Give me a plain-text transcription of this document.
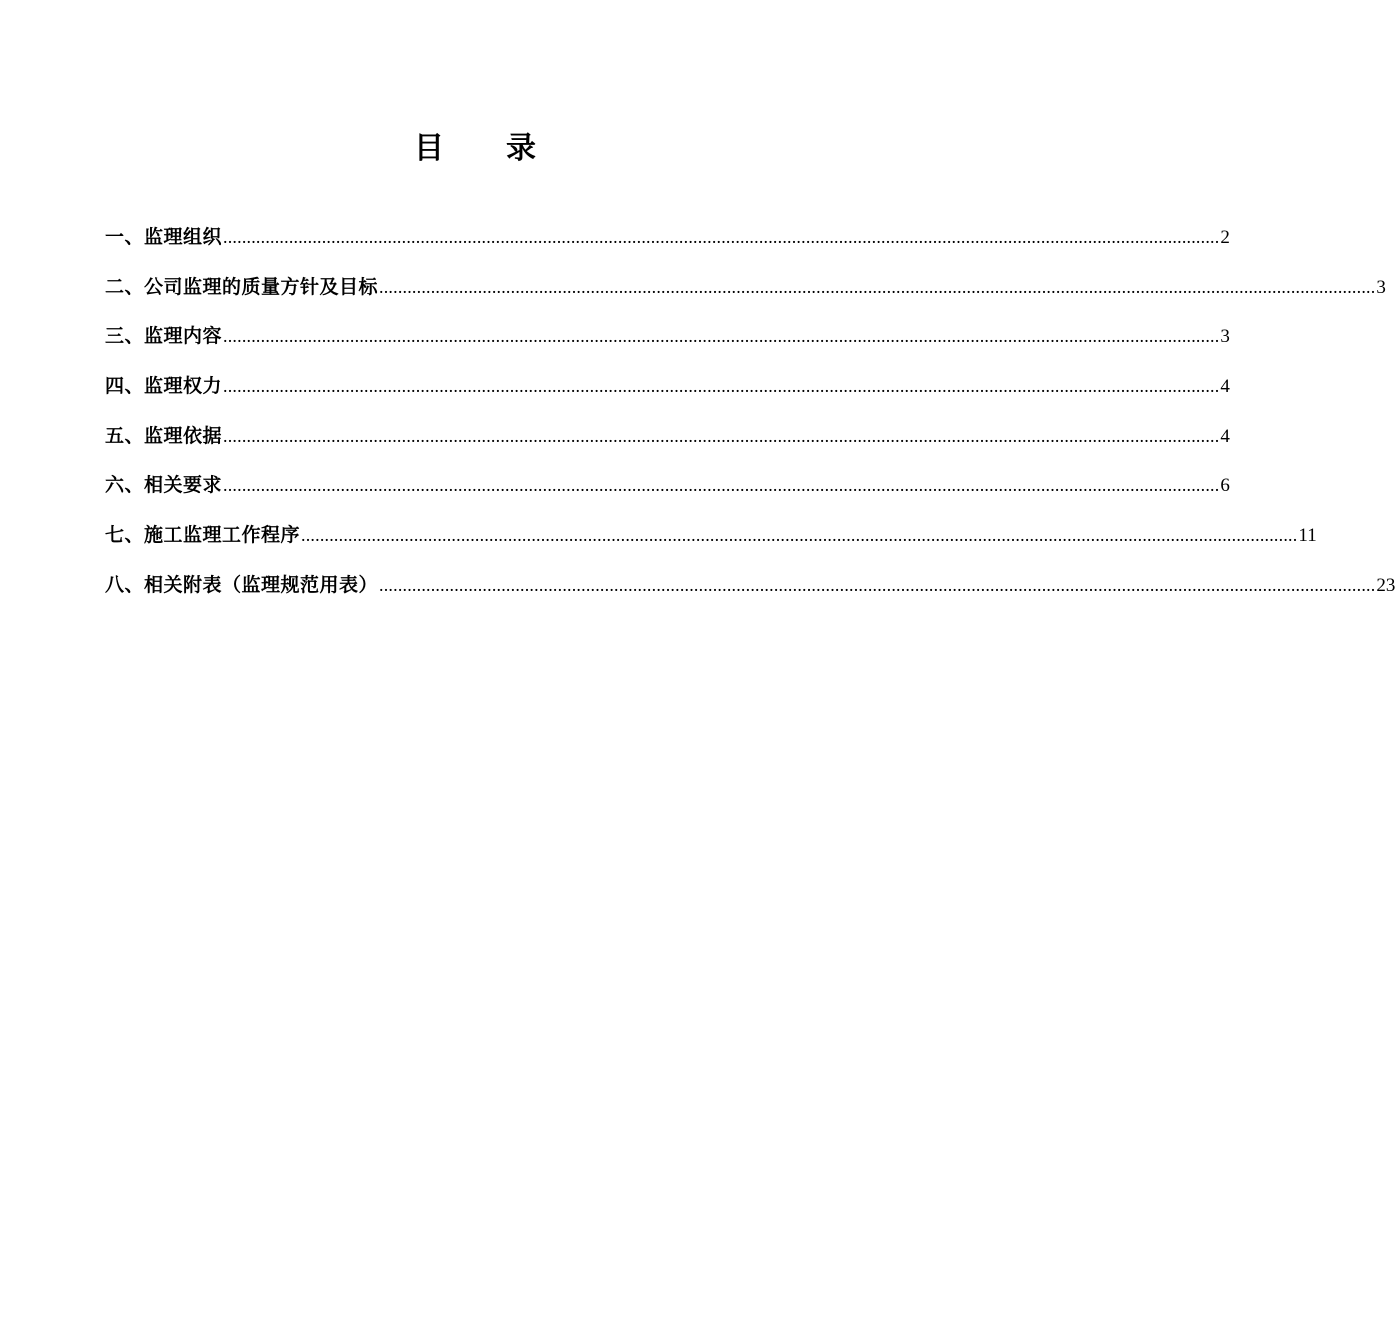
目 录
一、监理组织 .................................................................................................................................................................................................................... 2
二、公司监理的质量方针及目标 .................................................................................................................................................................................................................... 3
三、监理内容 .................................................................................................................................................................................................................... 3
四、监理权力 .................................................................................................................................................................................................................... 4
五、监理依据 .................................................................................................................................................................................................................... 4
六、相关要求 .................................................................................................................................................................................................................... 6
七、施工监理工作程序 .................................................................................................................................................................................................................... 11
八、相关附表（监理规范用表） .................................................................................................................................................................................................................... 23
